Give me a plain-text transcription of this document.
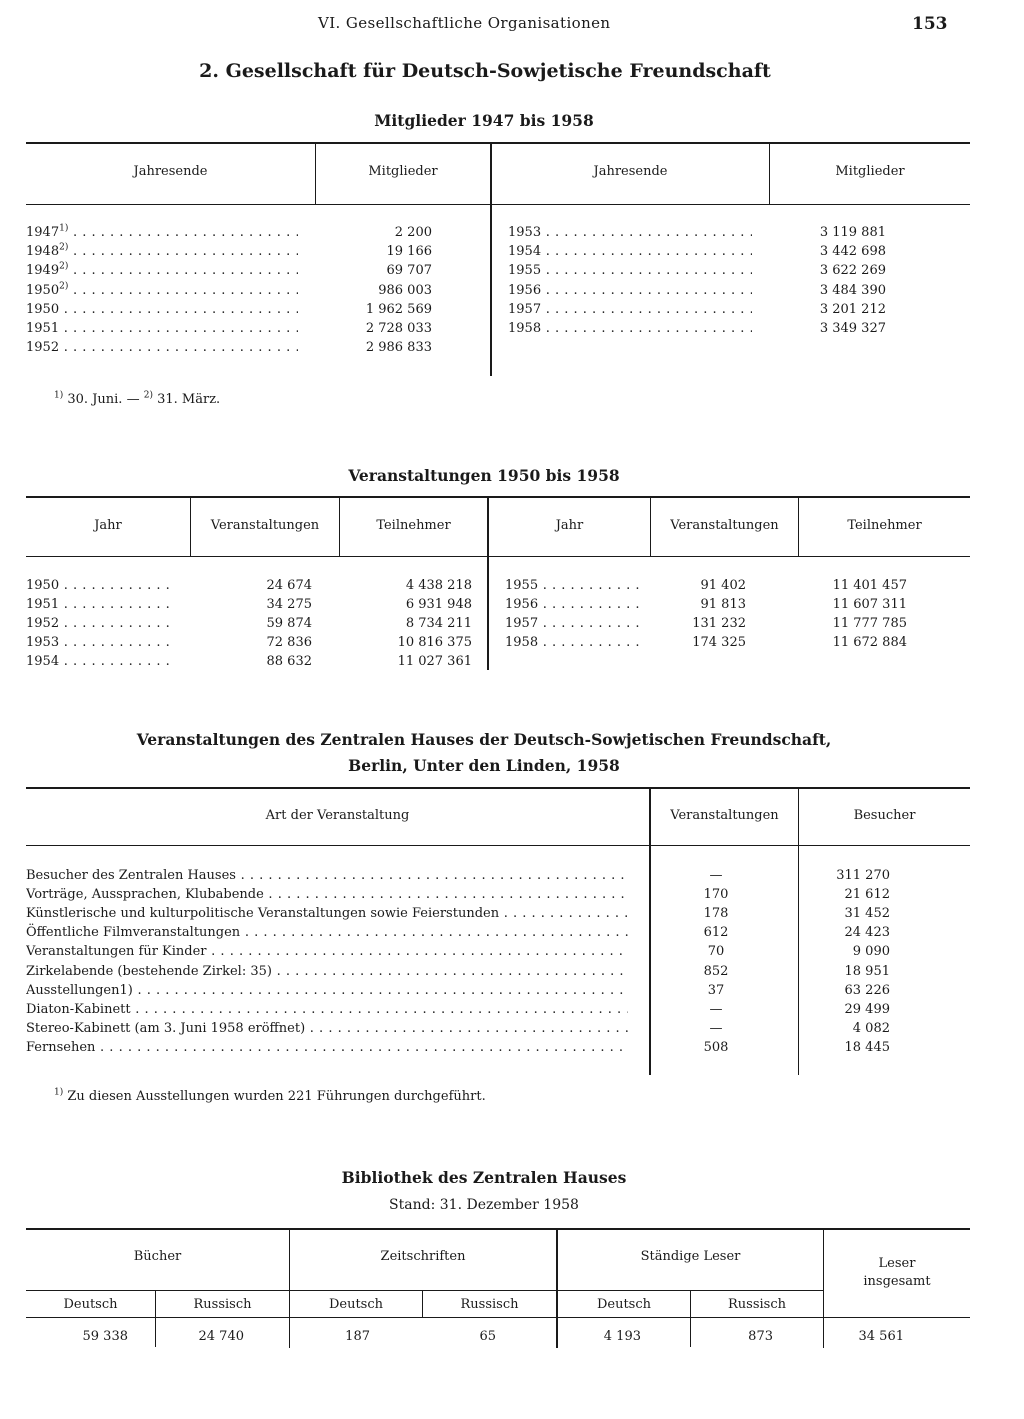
VI. Gesellschaftliche Organisationen	153
2. Gesellschaft für Deutsch-Sowjetische Freundschaft
Mitglieder 1947 bis 1958
Jahresende	Mitglieder	Jahresende	Mitglieder
1947$^{1)}$ . . .	2 200
1948$^{2)}$ . . .	19 166
1949$^{2)}$ . . .	69 707
1950$^{2)}$ . . .	986 003
1950 . . .	1 962 569
1951 . . .	2 728 033
1952 . . .	2 986 833
1953 . . .	3 119 881
1954 . . .	3 442 698
1955 . . .	3 622 269
1956 . . .	3 484 390
1957 . . .	3 201 212
1958 . . .	3 349 327
$^{1)}$ 30. Juni. — $^{2)}$ 31. März.
Veranstaltungen 1950 bis 1958
Jahr	Veranstaltungen	Teilnehmer	Jahr	Veranstaltungen	Teilnehmer
1950 . . .	24 674	4 438 218
1951 . . .	34 275	6 931 948
1952 . . .	59 874	8 734 211
1953 . . .	72 836	10 816 375
1954 . . .	88 632	11 027 361
1955 . . .	91 402	11 401 457
1956 . . .	91 813	11 607 311
1957 . . .	131 232	11 777 785
1958 . . .	174 325	11 672 884
Veranstaltungen des Zentralen Hauses der Deutsch-Sowjetischen Freundschaft,
Berlin, Unter den Linden, 1958
Art der Veranstaltung	Veranstaltungen	Besucher
Besucher des Zentralen Hauses . . .	—	311 270
Vorträge, Aussprachen, Klubabende . . .	170	21 612
Künstlerische und kulturpolitische Veranstaltungen sowie Feierstunden . . .	178	31 452
Öffentliche Filmveranstaltungen . . .	612	24 423
Veranstaltungen für Kinder . . .	70	9 090
Zirkelabende (bestehende Zirkel: 35) . . .	852	18 951
Ausstellungen1) . . .	37	63 226
Diaton-Kabinett . . .	—	29 499
Stereo-Kabinett (am 3. Juni 1958 eröffnet) . . .	—	4 082
Fernsehen . . .	508	18 445
$^{1)}$ Zu diesen Ausstellungen wurden 221 Führungen durchgeführt.
Bibliothek des Zentralen Hauses
Stand: 31. Dezember 1958
Bücher	Zeitschriften	Ständige Leser	Leser
insgesamt
Deutsch	Russisch	Deutsch	Russisch	Deutsch	Russisch
59 338	24 740	187	65	4 193	873	34 561
